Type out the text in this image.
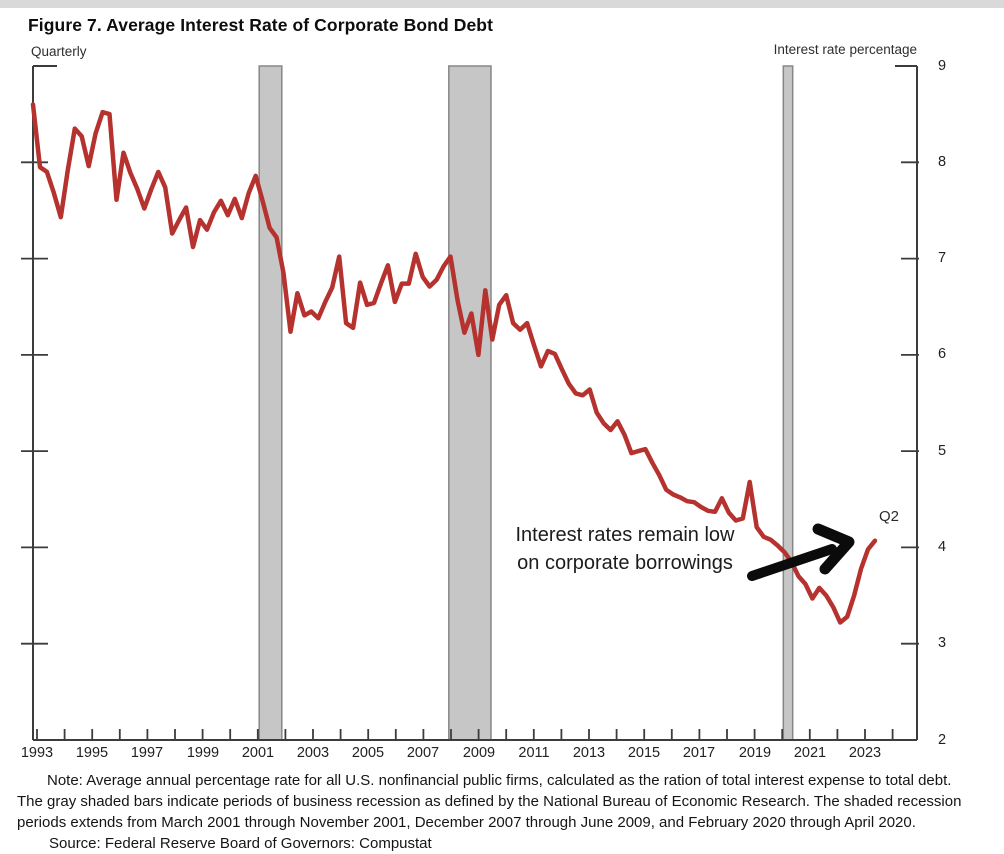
Figure 7. Average Interest Rate of Corporate Bond Debt
Quarterly	Interest rate percentage
9
8
7
6
5
4
3
2
1993	1995	1997	1999	2001	2003	2005	2007	2009	2011	2013	2015	2017	2019	2021	2023
Q2
Interest rates remain low
on corporate borrowings
Note: Average annual percentage rate for all U.S. nonfinancial public firms, calculated as the ration of total interest expense to total debt.
The gray shaded bars indicate periods of business recession as defined by the National Bureau of Economic Research. The shaded recession
periods extends from March 2001 through November 2001, December 2007 through June 2009, and February 2020 through April 2020.
Source: Federal Reserve Board of Governors: Compustat
